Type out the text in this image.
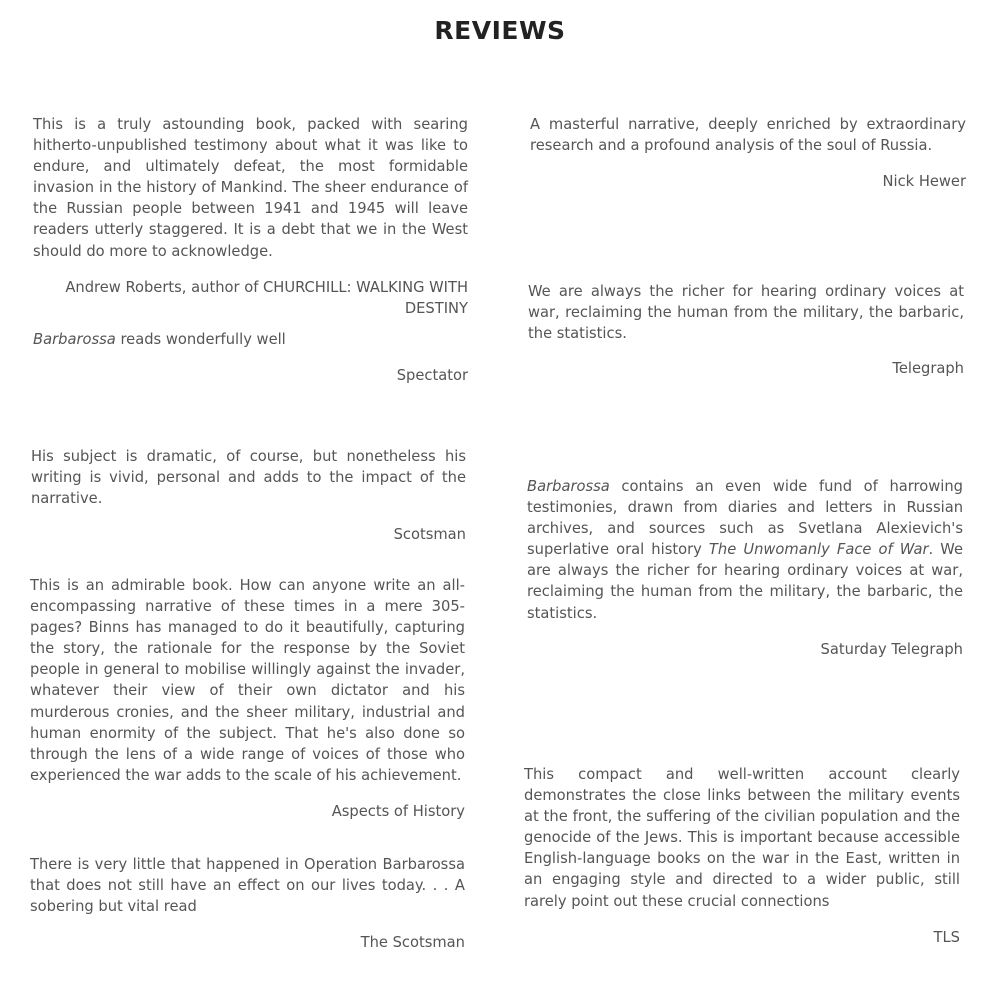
REVIEWS

This is a truly astounding book, packed with searing hitherto-unpublished testimony about what it was like to endure, and ultimately defeat, the most formidable invasion in the history of Mankind. The sheer endurance of the Russian people between 1941 and 1945 will leave readers utterly staggered. It is a debt that we in the West should do more to acknowledge.

Andrew Roberts, author of CHURCHILL: WALKING WITH DESTINY

Barbarossa reads wonderfully well

Spectator

His subject is dramatic, of course, but nonetheless his writing is vivid, personal and adds to the impact of the narrative.

Scotsman

This is an admirable book. How can anyone write an all-encompassing narrative of these times in a mere 305-pages? Binns has managed to do it beautifully, capturing the story, the rationale for the response by the Soviet people in general to mobilise willingly against the invader, whatever their view of their own dictator and his murderous cronies, and the sheer military, industrial and human enormity of the subject. That he's also done so through the lens of a wide range of voices of those who experienced the war adds to the scale of his achievement.

Aspects of History

There is very little that happened in Operation Barbarossa that does not still have an effect on our lives today. . . A sobering but vital read

The Scotsman

A masterful narrative, deeply enriched by extraordinary research and a profound analysis of the soul of Russia.

Nick Hewer

We are always the richer for hearing ordinary voices at war, reclaiming the human from the military, the barbaric, the statistics.

Telegraph

Barbarossa contains an even wide fund of harrowing testimonies, drawn from diaries and letters in Russian archives, and sources such as Svetlana Alexievich's superlative oral history The Unwomanly Face of War. We are always the richer for hearing ordinary voices at war, reclaiming the human from the military, the barbaric, the statistics.

Saturday Telegraph

This compact and well-written account clearly demonstrates the close links between the military events at the front, the suffering of the civilian population and the genocide of the Jews. This is important because accessible English-language books on the war in the East, written in an engaging style and directed to a wider public, still rarely point out these crucial connections

TLS
